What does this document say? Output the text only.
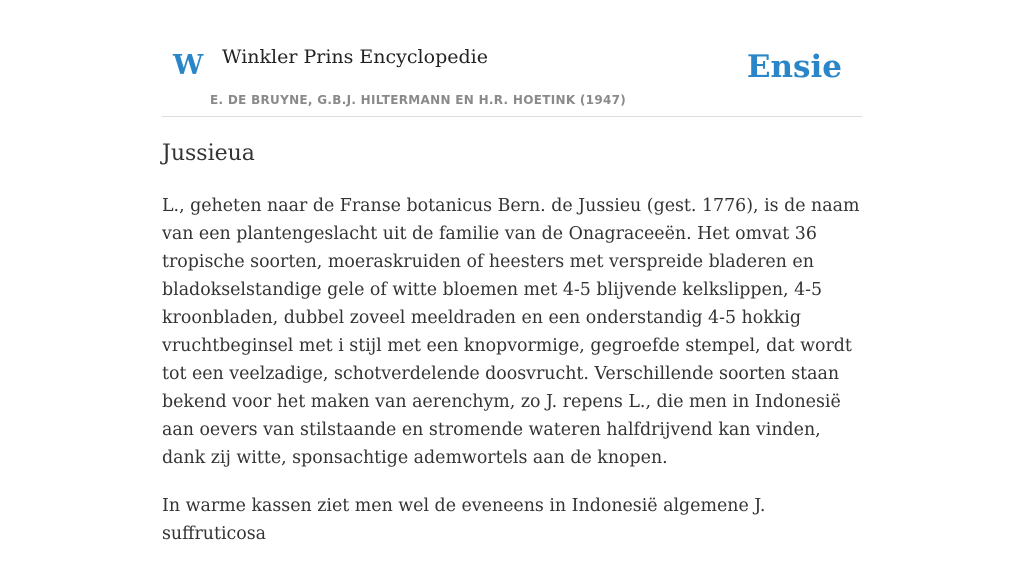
W Winkler Prins Encyclopedie
E. DE BRUYNE, G.B.J. HILTERMANN EN H.R. HOETINK (1947)
Ensie
Jussieua

L., geheten naar de Franse botanicus Bern. de Jussieu (gest. 1776), is de naam van een plantengeslacht uit de familie van de Onagraceeën. Het omvat 36 tropische soorten, moeraskruiden of heesters met verspreide bladeren en bladokselstandige gele of witte bloemen met 4-5 blijvende kelkslippen, 4-5 kroonbladen, dubbel zoveel meeldraden en een onderstandig 4-5 hokkig vruchtbeginsel met i stijl met een knopvormige, gegroefde stempel, dat wordt tot een veelzadige, schotverdelende doosvrucht. Verschillende soorten staan bekend voor het maken van aerenchym, zo J. repens L., die men in Indonesië aan oevers van stilstaande en stromende wateren halfdrijvend kan vinden, dank zij witte, sponsachtige ademwortels aan de knopen.

In warme kassen ziet men wel de eveneens in Indonesië algemene J. suffruticosa
